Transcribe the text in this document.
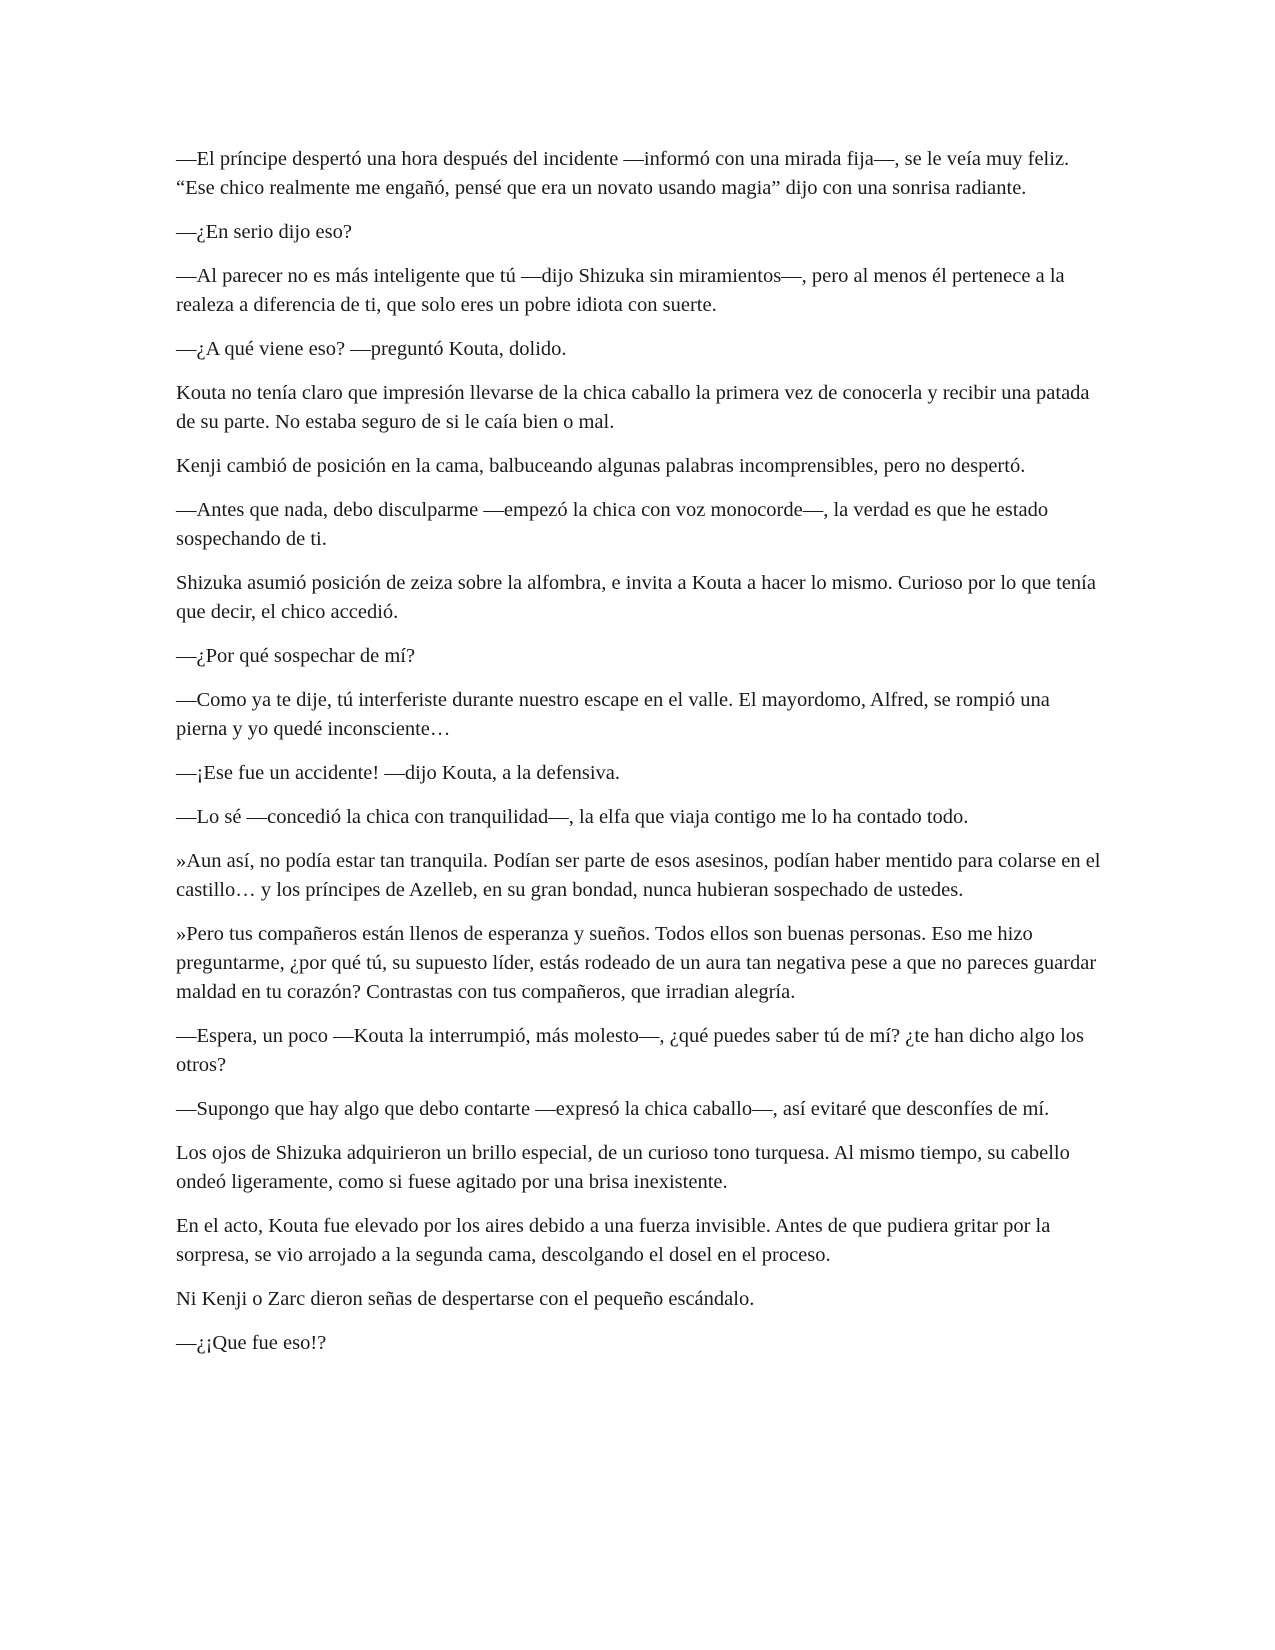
—El príncipe despertó una hora después del incidente —informó con una mirada fija—, se le veía muy feliz. “Ese chico realmente me engañó, pensé que era un novato usando magia” dijo con una sonrisa radiante.

—¿En serio dijo eso?

—Al parecer no es más inteligente que tú —dijo Shizuka sin miramientos—, pero al menos él pertenece a la realeza a diferencia de ti, que solo eres un pobre idiota con suerte.

—¿A qué viene eso? —preguntó Kouta, dolido.

Kouta no tenía claro que impresión llevarse de la chica caballo la primera vez de conocerla y recibir una patada de su parte. No estaba seguro de si le caía bien o mal.

Kenji cambió de posición en la cama, balbuceando algunas palabras incomprensibles, pero no despertó.

—Antes que nada, debo disculparme —empezó la chica con voz monocorde—, la verdad es que he estado sospechando de ti.

Shizuka asumió posición de zeiza sobre la alfombra, e invita a Kouta a hacer lo mismo. Curioso por lo que tenía que decir, el chico accedió.

—¿Por qué sospechar de mí?

—Como ya te dije, tú interferiste durante nuestro escape en el valle. El mayordomo, Alfred, se rompió una pierna y yo quedé inconsciente…

—¡Ese fue un accidente! —dijo Kouta, a la defensiva.

—Lo sé —concedió la chica con tranquilidad—, la elfa que viaja contigo me lo ha contado todo.

»Aun así, no podía estar tan tranquila. Podían ser parte de esos asesinos, podían haber mentido para colarse en el castillo… y los príncipes de Azelleb, en su gran bondad, nunca hubieran sospechado de ustedes.

»Pero tus compañeros están llenos de esperanza y sueños. Todos ellos son buenas personas. Eso me hizo preguntarme, ¿por qué tú, su supuesto líder, estás rodeado de un aura tan negativa pese a que no pareces guardar maldad en tu corazón? Contrastas con tus compañeros, que irradian alegría.

—Espera, un poco —Kouta la interrumpió, más molesto—, ¿qué puedes saber tú de mí? ¿te han dicho algo los otros?

—Supongo que hay algo que debo contarte —expresó la chica caballo—, así evitaré que desconfíes de mí.

Los ojos de Shizuka adquirieron un brillo especial, de un curioso tono turquesa. Al mismo tiempo, su cabello ondeó ligeramente, como si fuese agitado por una brisa inexistente.

En el acto, Kouta fue elevado por los aires debido a una fuerza invisible. Antes de que pudiera gritar por la sorpresa, se vio arrojado a la segunda cama, descolgando el dosel en el proceso.

Ni Kenji o Zarc dieron señas de despertarse con el pequeño escándalo.

—¿¡Que fue eso!?
